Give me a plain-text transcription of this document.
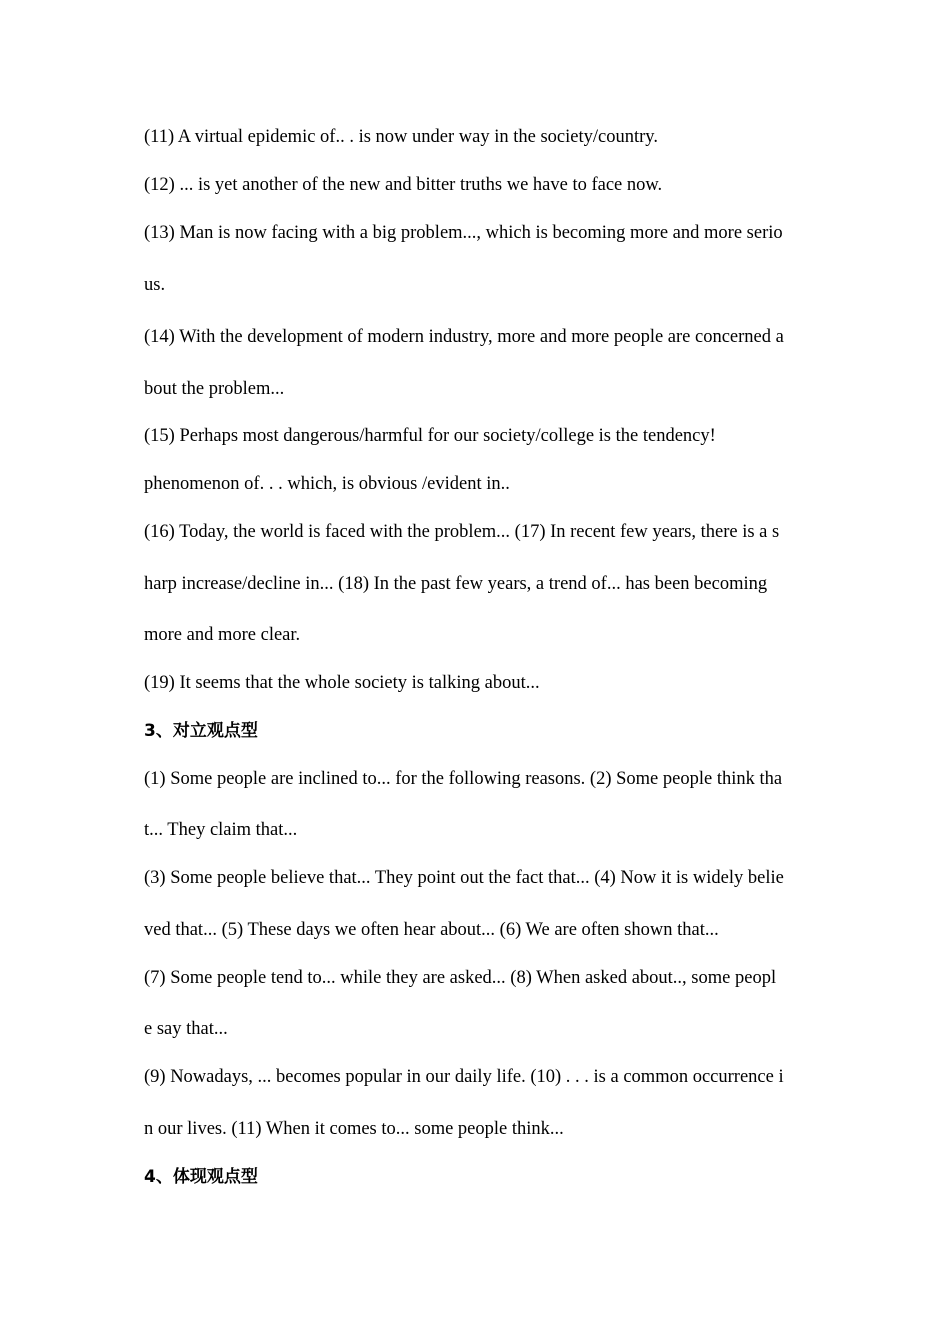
(11) A virtual epidemic of.. . is now under way in the society/country.
(12) ... is yet another of the new and bitter truths we have to face now.
(13) Man is now facing with a big problem..., which is becoming more and more serio
us.
(14) With the development of modern industry, more and more people are concerned a
bout the problem...
(15) Perhaps most dangerous/harmful for our society/college is the tendency!
phenomenon of. . . which, is obvious /evident in..
(16) Today, the world is faced with the problem... (17) In recent few years, there is a s
harp increase/decline in... (18) In the past few years, a trend of... has been becoming
more and more clear.
(19) It seems that the whole society is talking about...
3、对立观点型
(1) Some people are inclined to... for the following reasons. (2) Some people think tha
t... They claim that...
(3) Some people believe that... They point out the fact that... (4) Now it is widely belie
ved that... (5) These days we often hear about... (6) We are often shown that...
(7) Some people tend to... while they are asked... (8) When asked about.., some peopl
e say that...
(9) Nowadays, ... becomes popular in our daily life. (10) . . . is a common occurrence i
n our lives. (11) When it comes to... some people think...
4、体现观点型
